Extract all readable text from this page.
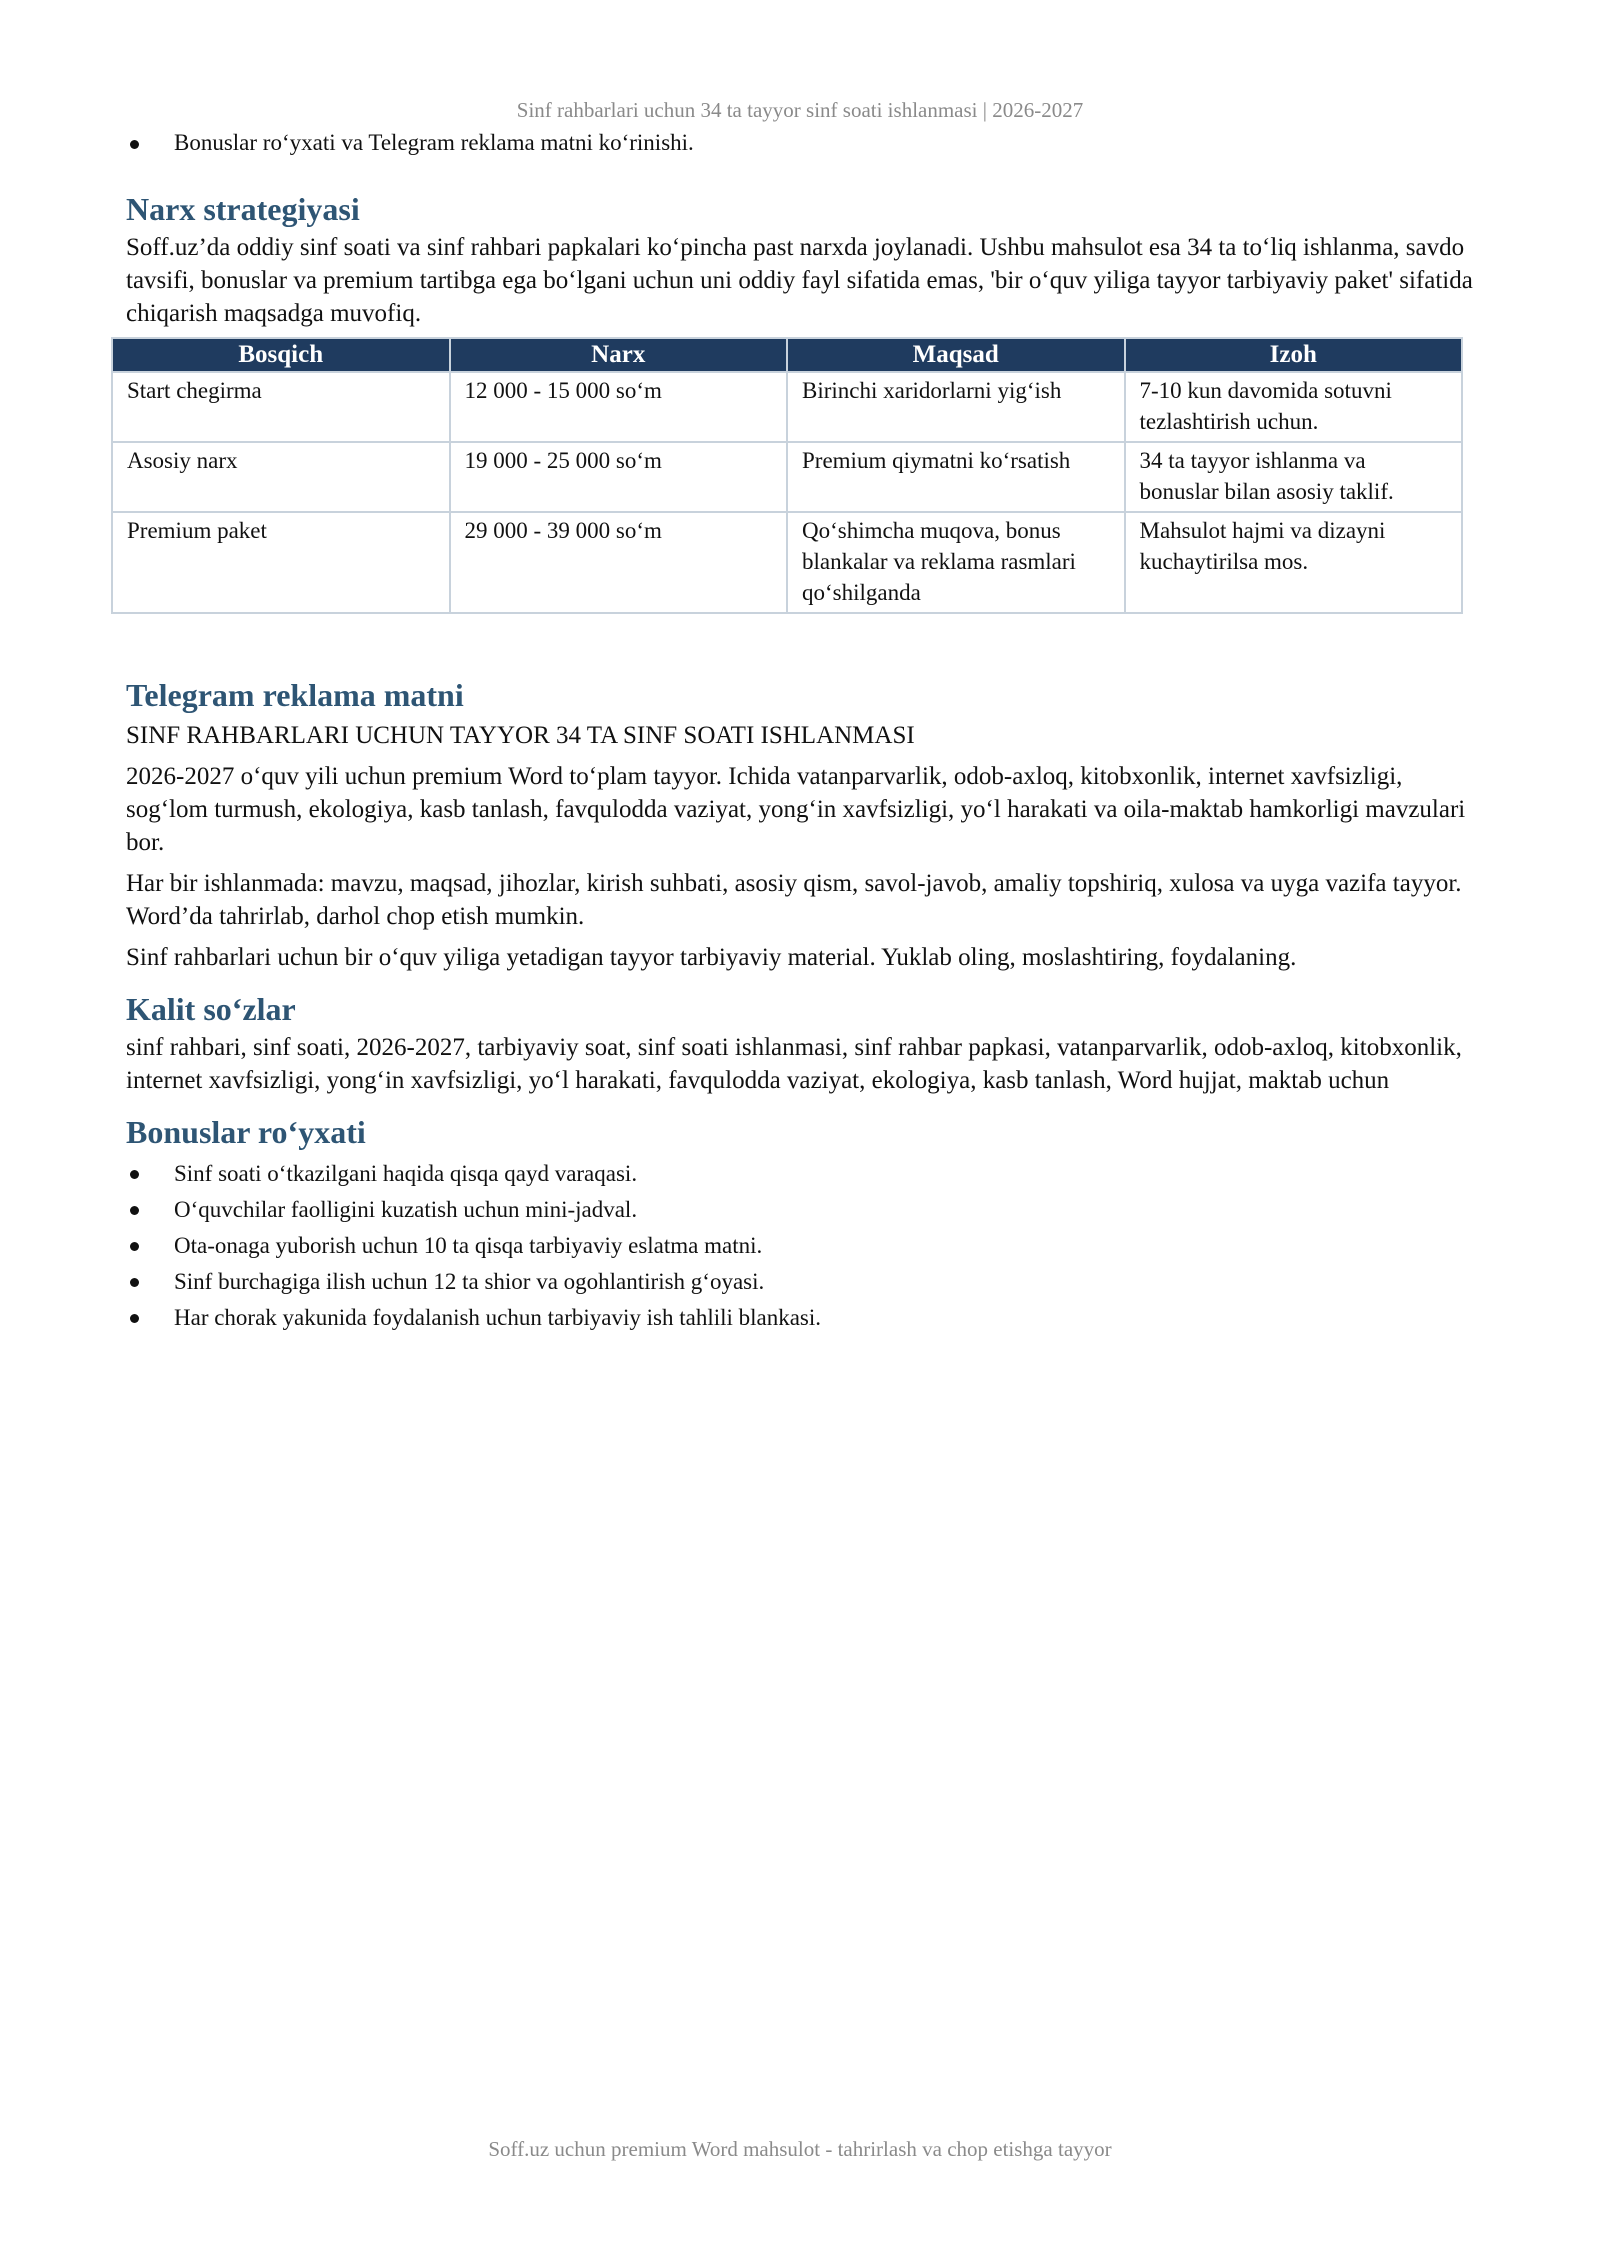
Sinf rahbarlari uchun 34 ta tayyor sinf soati ishlanmasi | 2026-2027
Bonuslar ro‘yxati va Telegram reklama matni ko‘rinishi.
Narx strategiyasi

Soff.uz’da oddiy sinf soati va sinf rahbari papkalari ko‘pincha past narxda joylanadi. Ushbu mahsulot esa 34 ta to‘liq ishlanma, savdo tavsifi, bonuslar va premium tartibga ega bo‘lgani uchun uni oddiy fayl sifatida emas, 'bir o‘quv yiliga tayyor tarbiyaviy paket' sifatida chiqarish maqsadga muvofiq.

Bosqich	Narx	Maqsad	Izoh
Start chegirma	12 000 - 15 000 so‘m	Birinchi xaridorlarni yig‘ish	7-10 kun davomida sotuvni tezlashtirish uchun.
Asosiy narx	19 000 - 25 000 so‘m	Premium qiymatni ko‘rsatish	34 ta tayyor ishlanma va bonuslar bilan asosiy taklif.
Premium paket	29 000 - 39 000 so‘m	Qo‘shimcha muqova, bonus blankalar va reklama rasmlari qo‘shilganda	Mahsulot hajmi va dizayni kuchaytirilsa mos.
Telegram reklama matni

SINF RAHBARLARI UCHUN TAYYOR 34 TA SINF SOATI ISHLANMASI

2026-2027 o‘quv yili uchun premium Word to‘plam tayyor. Ichida vatanparvarlik, odob-axloq, kitobxonlik, internet xavfsizligi, sog‘lom turmush, ekologiya, kasb tanlash, favqulodda vaziyat, yong‘in xavfsizligi, yo‘l harakati va oila-maktab hamkorligi mavzulari bor.

Har bir ishlanmada: mavzu, maqsad, jihozlar, kirish suhbati, asosiy qism, savol-javob, amaliy topshiriq, xulosa va uyga vazifa tayyor. Word’da tahrirlab, darhol chop etish mumkin.

Sinf rahbarlari uchun bir o‘quv yiliga yetadigan tayyor tarbiyaviy material. Yuklab oling, moslashtiring, foydalaning.

Kalit so‘zlar

sinf rahbari, sinf soati, 2026-2027, tarbiyaviy soat, sinf soati ishlanmasi, sinf rahbar papkasi, vatanparvarlik, odob-axloq, kitobxonlik, internet xavfsizligi, yong‘in xavfsizligi, yo‘l harakati, favqulodda vaziyat, ekologiya, kasb tanlash, Word hujjat, maktab uchun

Bonuslar ro‘yxati
Sinf soati o‘tkazilgani haqida qisqa qayd varaqasi.
O‘quvchilar faolligini kuzatish uchun mini-jadval.
Ota-onaga yuborish uchun 10 ta qisqa tarbiyaviy eslatma matni.
Sinf burchagiga ilish uchun 12 ta shior va ogohlantirish g‘oyasi.
Har chorak yakunida foydalanish uchun tarbiyaviy ish tahlili blankasi.
Soff.uz uchun premium Word mahsulot - tahrirlash va chop etishga tayyor
